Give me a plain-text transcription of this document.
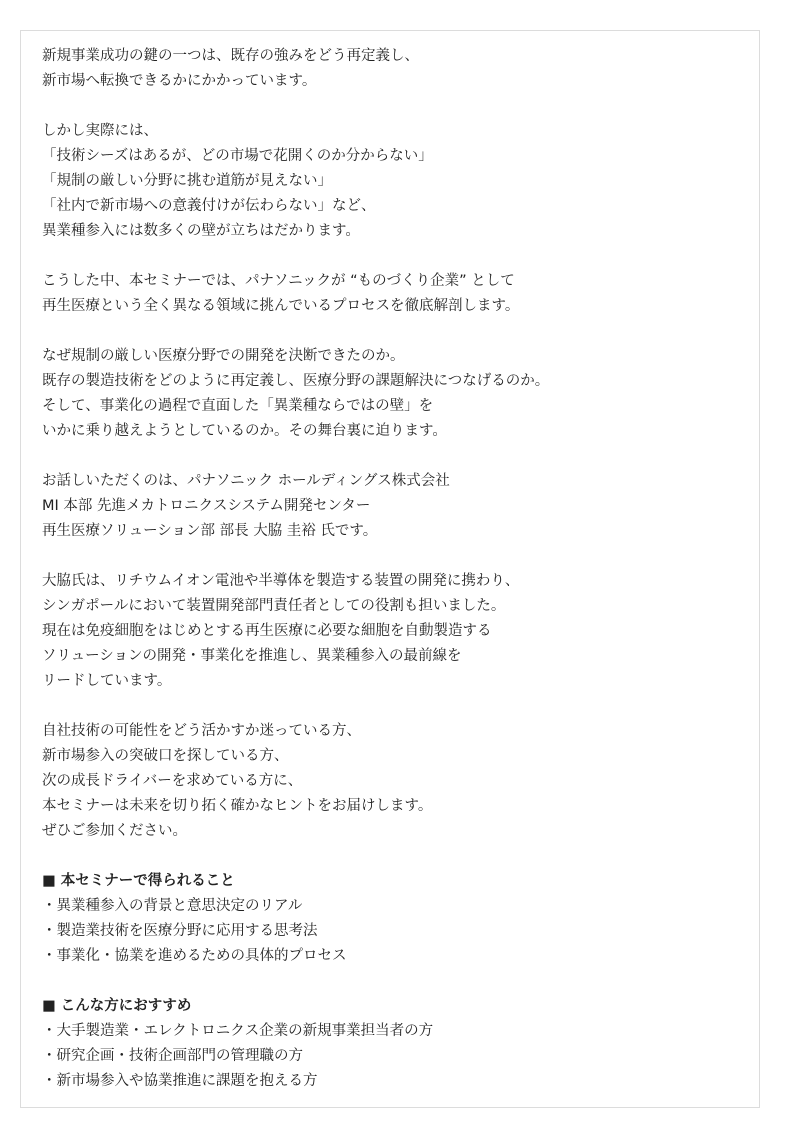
新規事業成功の鍵の一つは、既存の強みをどう再定義し、
新市場へ転換できるかにかかっています。
しかし実際には、
「技術シーズはあるが、どの市場で花開くのか分からない」
「規制の厳しい分野に挑む道筋が見えない」
「社内で新市場への意義付けが伝わらない」など、
異業種参入には数多くの壁が立ちはだかります。
こうした中、本セミナーでは、パナソニックが “ものづくり企業” として
再生医療という全く異なる領域に挑んでいるプロセスを徹底解剖します。
なぜ規制の厳しい医療分野での開発を決断できたのか。
既存の製造技術をどのように再定義し、医療分野の課題解決につなげるのか。
そして、事業化の過程で直面した「異業種ならではの壁」を
いかに乗り越えようとしているのか。その舞台裏に迫ります。
お話しいただくのは、パナソニック ホールディングス株式会社
MI 本部 先進メカトロニクスシステム開発センター
再生医療ソリューション部 部長 大脇 圭裕 氏です。
大脇氏は、リチウムイオン電池や半導体を製造する装置の開発に携わり、
シンガポールにおいて装置開発部門責任者としての役割も担いました。
現在は免疫細胞をはじめとする再生医療に必要な細胞を自動製造する
ソリューションの開発・事業化を推進し、異業種参入の最前線を
リードしています。
自社技術の可能性をどう活かすか迷っている方、
新市場参入の突破口を探している方、
次の成長ドライバーを求めている方に、
本セミナーは未来を切り拓く確かなヒントをお届けします。
ぜひご参加ください。
■ 本セミナーで得られること
・異業種参入の背景と意思決定のリアル
・製造業技術を医療分野に応用する思考法
・事業化・協業を進めるための具体的プロセス
■ こんな方におすすめ
・大手製造業・エレクトロニクス企業の新規事業担当者の方
・研究企画・技術企画部門の管理職の方
・新市場参入や協業推進に課題を抱える方
